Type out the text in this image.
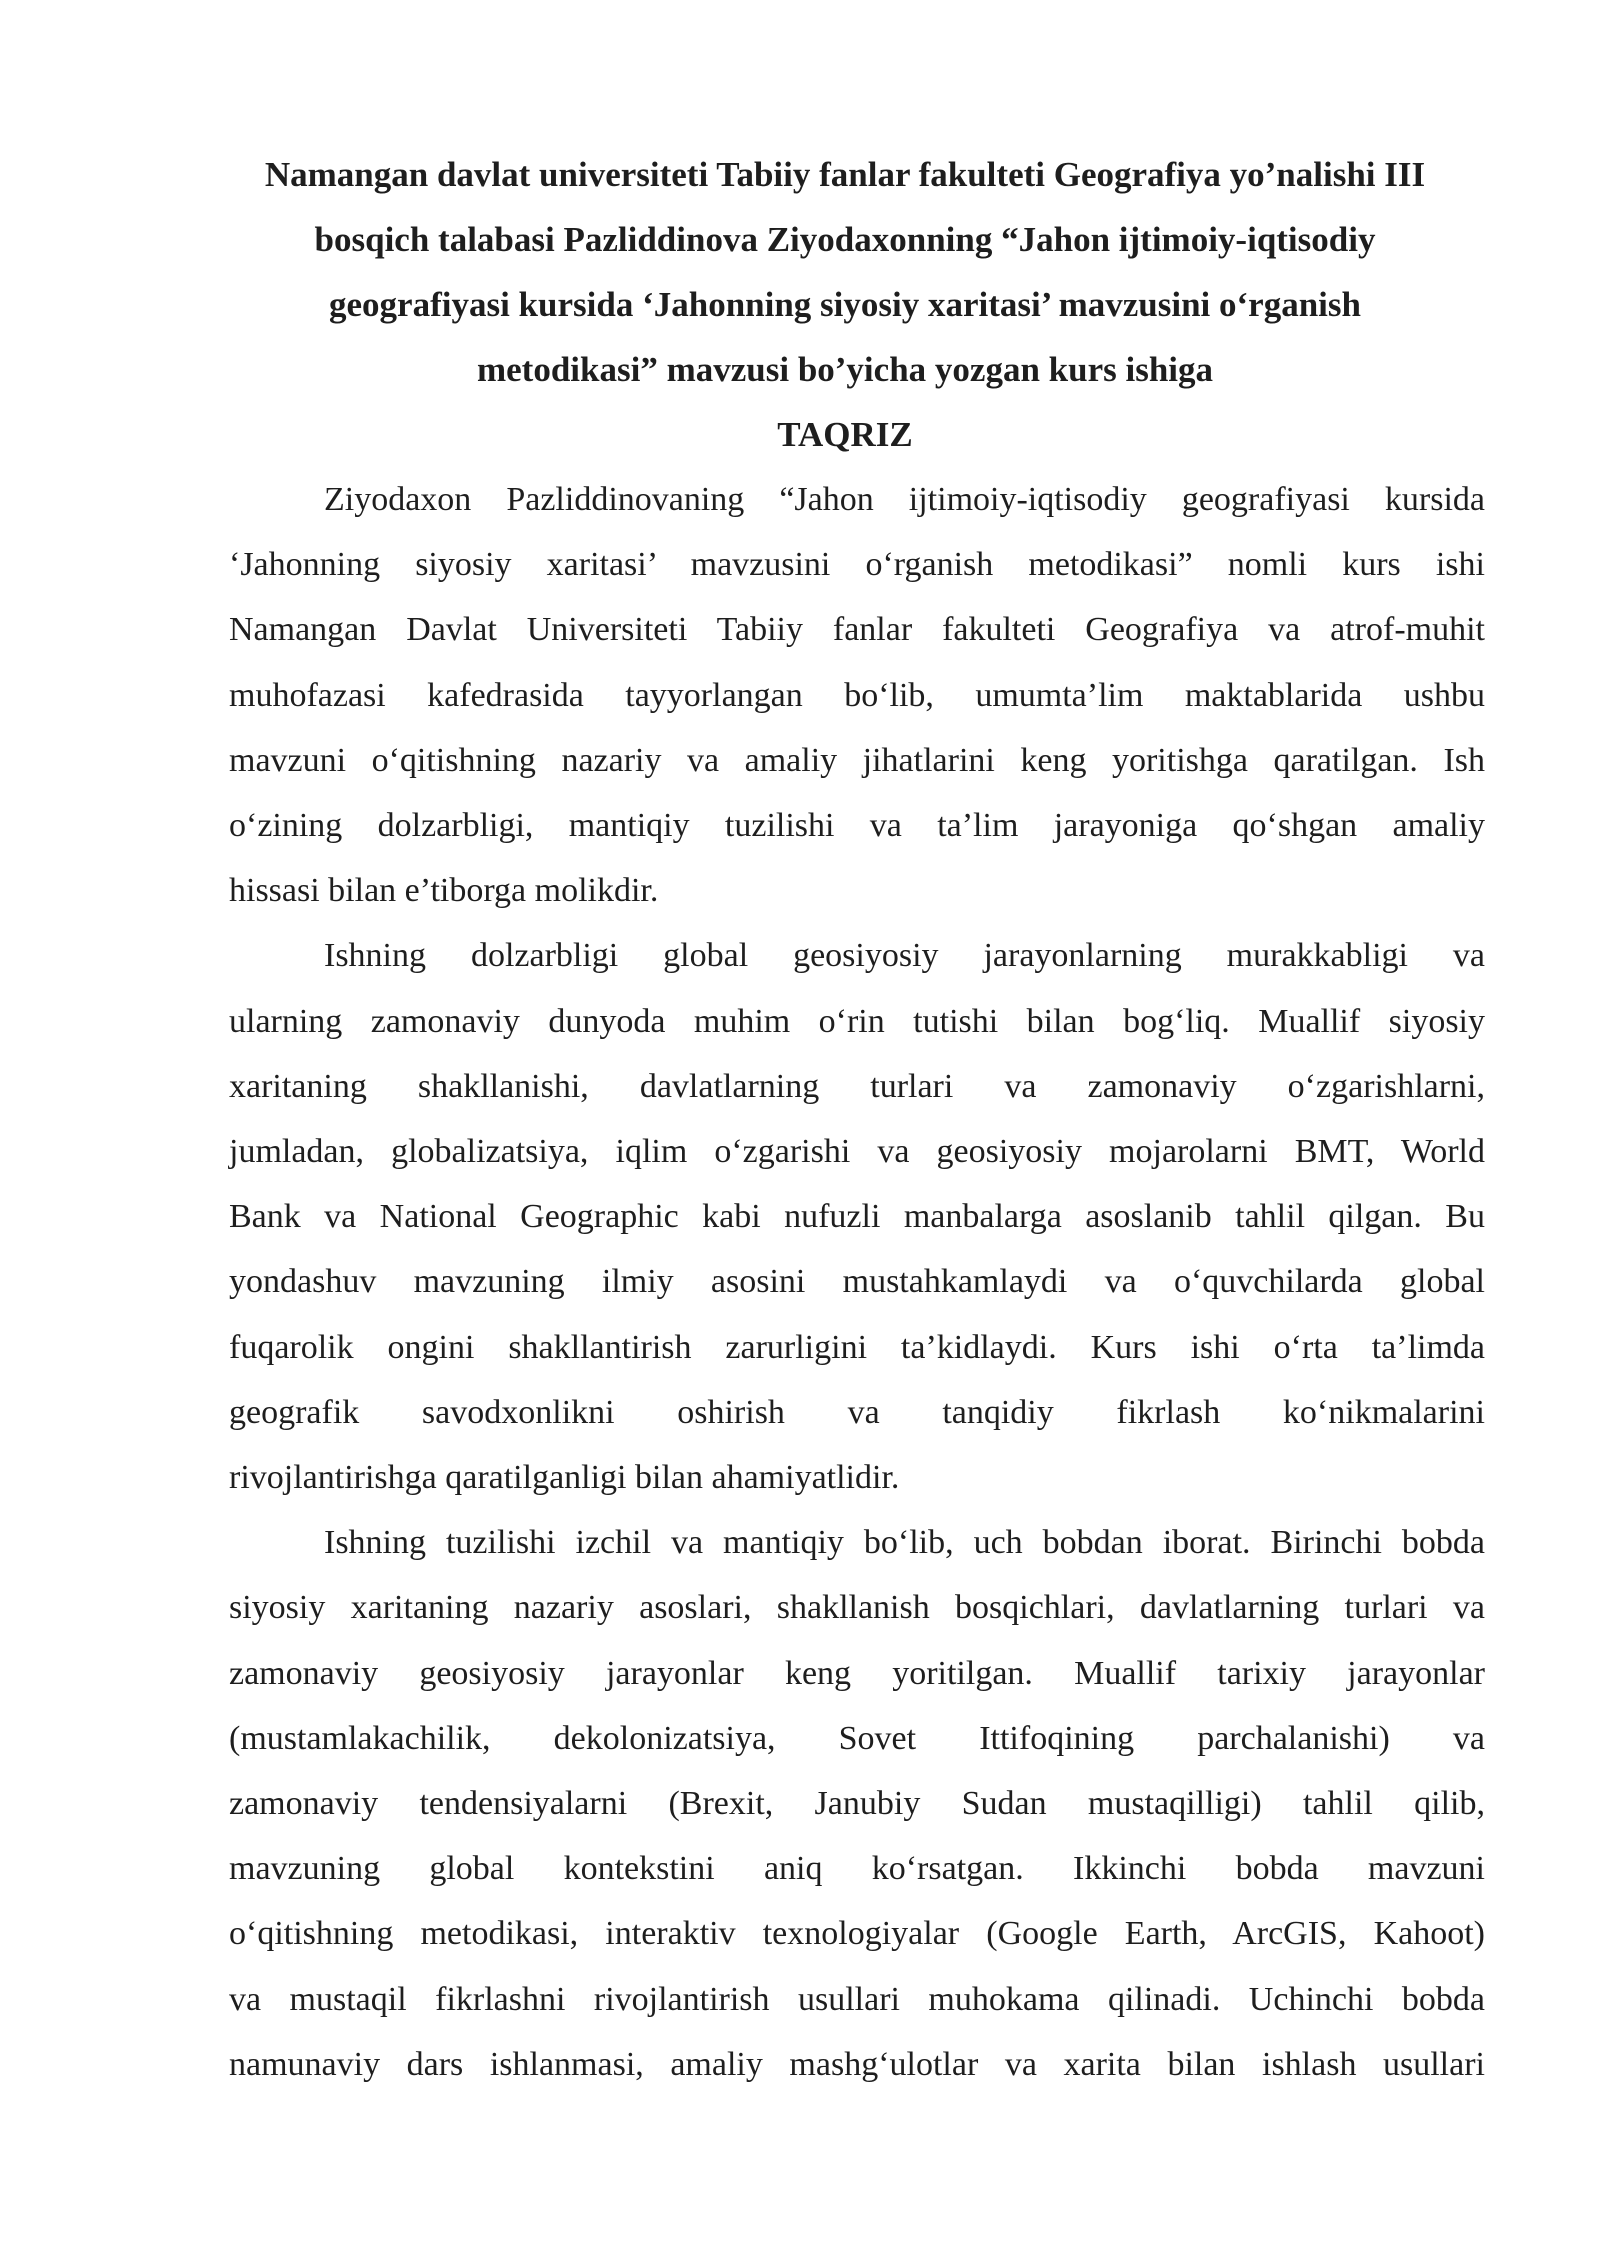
Namangan davlat universiteti Tabiiy fanlar fakulteti Geografiya yo’nalishi III
bosqich talabasi Pazliddinova Ziyodaxonning “Jahon ijtimoiy-iqtisodiy
geografiyasi kursida ‘Jahonning siyosiy xaritasi’ mavzusini oʻrganish
metodikasi” mavzusi bo’yicha yozgan kurs ishiga
TAQRIZ
Ziyodaxon Pazliddinovaning “Jahon ijtimoiy-iqtisodiy geografiyasi kursida
‘Jahonning siyosiy xaritasi’ mavzusini oʻrganish metodikasi” nomli kurs ishi
Namangan Davlat Universiteti Tabiiy fanlar fakulteti Geografiya va atrof-muhit
muhofazasi kafedrasida tayyorlangan boʻlib, umumta’lim maktablarida ushbu
mavzuni oʻqitishning nazariy va amaliy jihatlarini keng yoritishga qaratilgan. Ish
oʻzining dolzarbligi, mantiqiy tuzilishi va ta’lim jarayoniga qoʻshgan amaliy
hissasi bilan e’tiborga molikdir.
Ishning dolzarbligi global geosiyosiy jarayonlarning murakkabligi va
ularning zamonaviy dunyoda muhim oʻrin tutishi bilan bogʻliq. Muallif siyosiy
xaritaning shakllanishi, davlatlarning turlari va zamonaviy oʻzgarishlarni,
jumladan, globalizatsiya, iqlim oʻzgarishi va geosiyosiy mojarolarni BMT, World
Bank va National Geographic kabi nufuzli manbalarga asoslanib tahlil qilgan. Bu
yondashuv mavzuning ilmiy asosini mustahkamlaydi va oʻquvchilarda global
fuqarolik ongini shakllantirish zarurligini ta’kidlaydi. Kurs ishi oʻrta ta’limda
geografik savodxonlikni oshirish va tanqidiy fikrlash koʻnikmalarini
rivojlantirishga qaratilganligi bilan ahamiyatlidir.
Ishning tuzilishi izchil va mantiqiy boʻlib, uch bobdan iborat. Birinchi bobda
siyosiy xaritaning nazariy asoslari, shakllanish bosqichlari, davlatlarning turlari va
zamonaviy geosiyosiy jarayonlar keng yoritilgan. Muallif tarixiy jarayonlar
(mustamlakachilik, dekolonizatsiya, Sovet Ittifoqining parchalanishi) va
zamonaviy tendensiyalarni (Brexit, Janubiy Sudan mustaqilligi) tahlil qilib,
mavzuning global kontekstini aniq koʻrsatgan. Ikkinchi bobda mavzuni
oʻqitishning metodikasi, interaktiv texnologiyalar (Google Earth, ArcGIS, Kahoot)
va mustaqil fikrlashni rivojlantirish usullari muhokama qilinadi. Uchinchi bobda
namunaviy dars ishlanmasi, amaliy mashgʻulotlar va xarita bilan ishlash usullari
